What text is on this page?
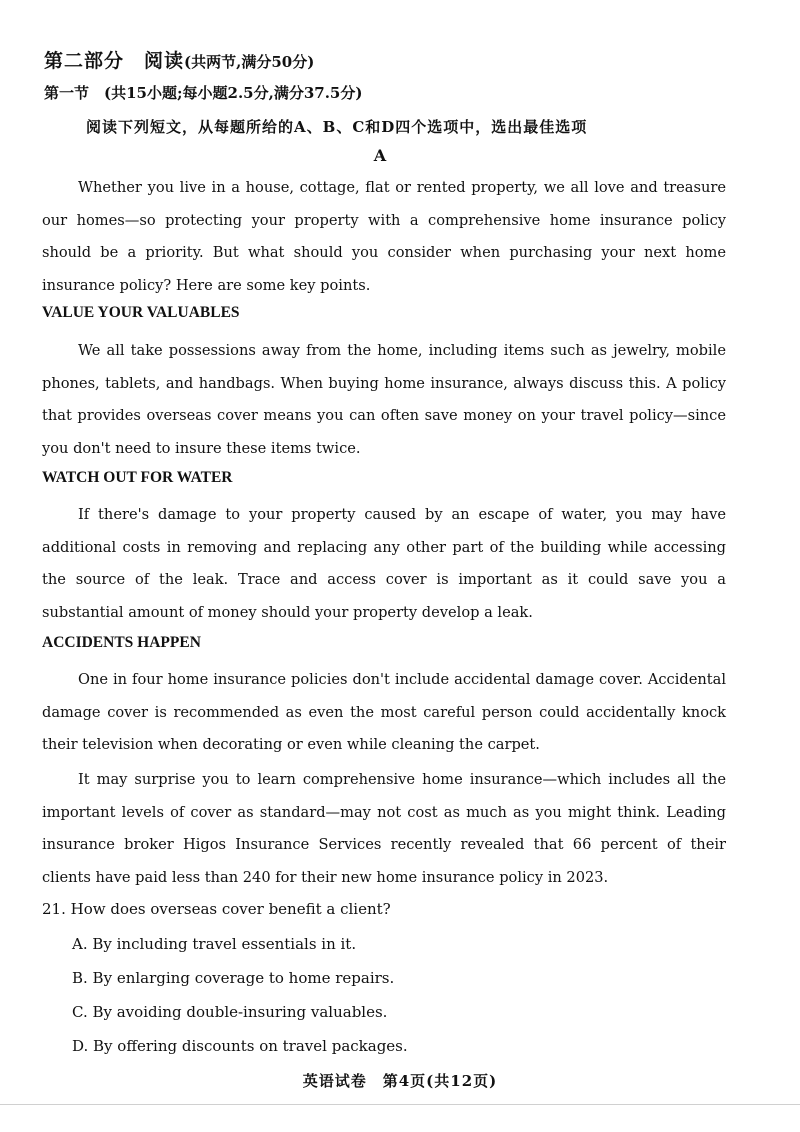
第二部分　阅读(共两节,满分50分)
第一节　(共15小题;每小题2.5分,满分37.5分)
阅读下列短文，从每题所给的A、B、C和D四个选项中，选出最佳选项
A

Whether you live in a house, cottage, flat or rented property, we all love and treasure our homes—so protecting your property with a comprehensive home insurance policy should be a priority. But what should you consider when purchasing your next home insurance policy? Here are some key points.

VALUE YOUR VALUABLES

We all take possessions away from the home, including items such as jewelry, mobile phones, tablets, and handbags. When buying home insurance, always discuss this. A policy that provides overseas cover means you can often save money on your travel policy—since you don't need to insure these items twice.

WATCH OUT FOR WATER

If there's damage to your property caused by an escape of water, you may have additional costs in removing and replacing any other part of the building while accessing the source of the leak. Trace and access cover is important as it could save you a substantial amount of money should your property develop a leak.

ACCIDENTS HAPPEN

One in four home insurance policies don't include accidental damage cover. Accidental damage cover is recommended as even the most careful person could accidentally knock their television when decorating or even while cleaning the carpet.

It may surprise you to learn comprehensive home insurance—which includes all the important levels of cover as standard—may not cost as much as you might think. Leading insurance broker Higos Insurance Services recently revealed that 66 percent of their clients have paid less than 240 for their new home insurance policy in 2023.

21. How does overseas cover benefit a client?
A. By including travel essentials in it.
B. By enlarging coverage to home repairs.
C. By avoiding double-insuring valuables.
D. By offering discounts on travel packages.
英语试卷　第4页(共12页)
